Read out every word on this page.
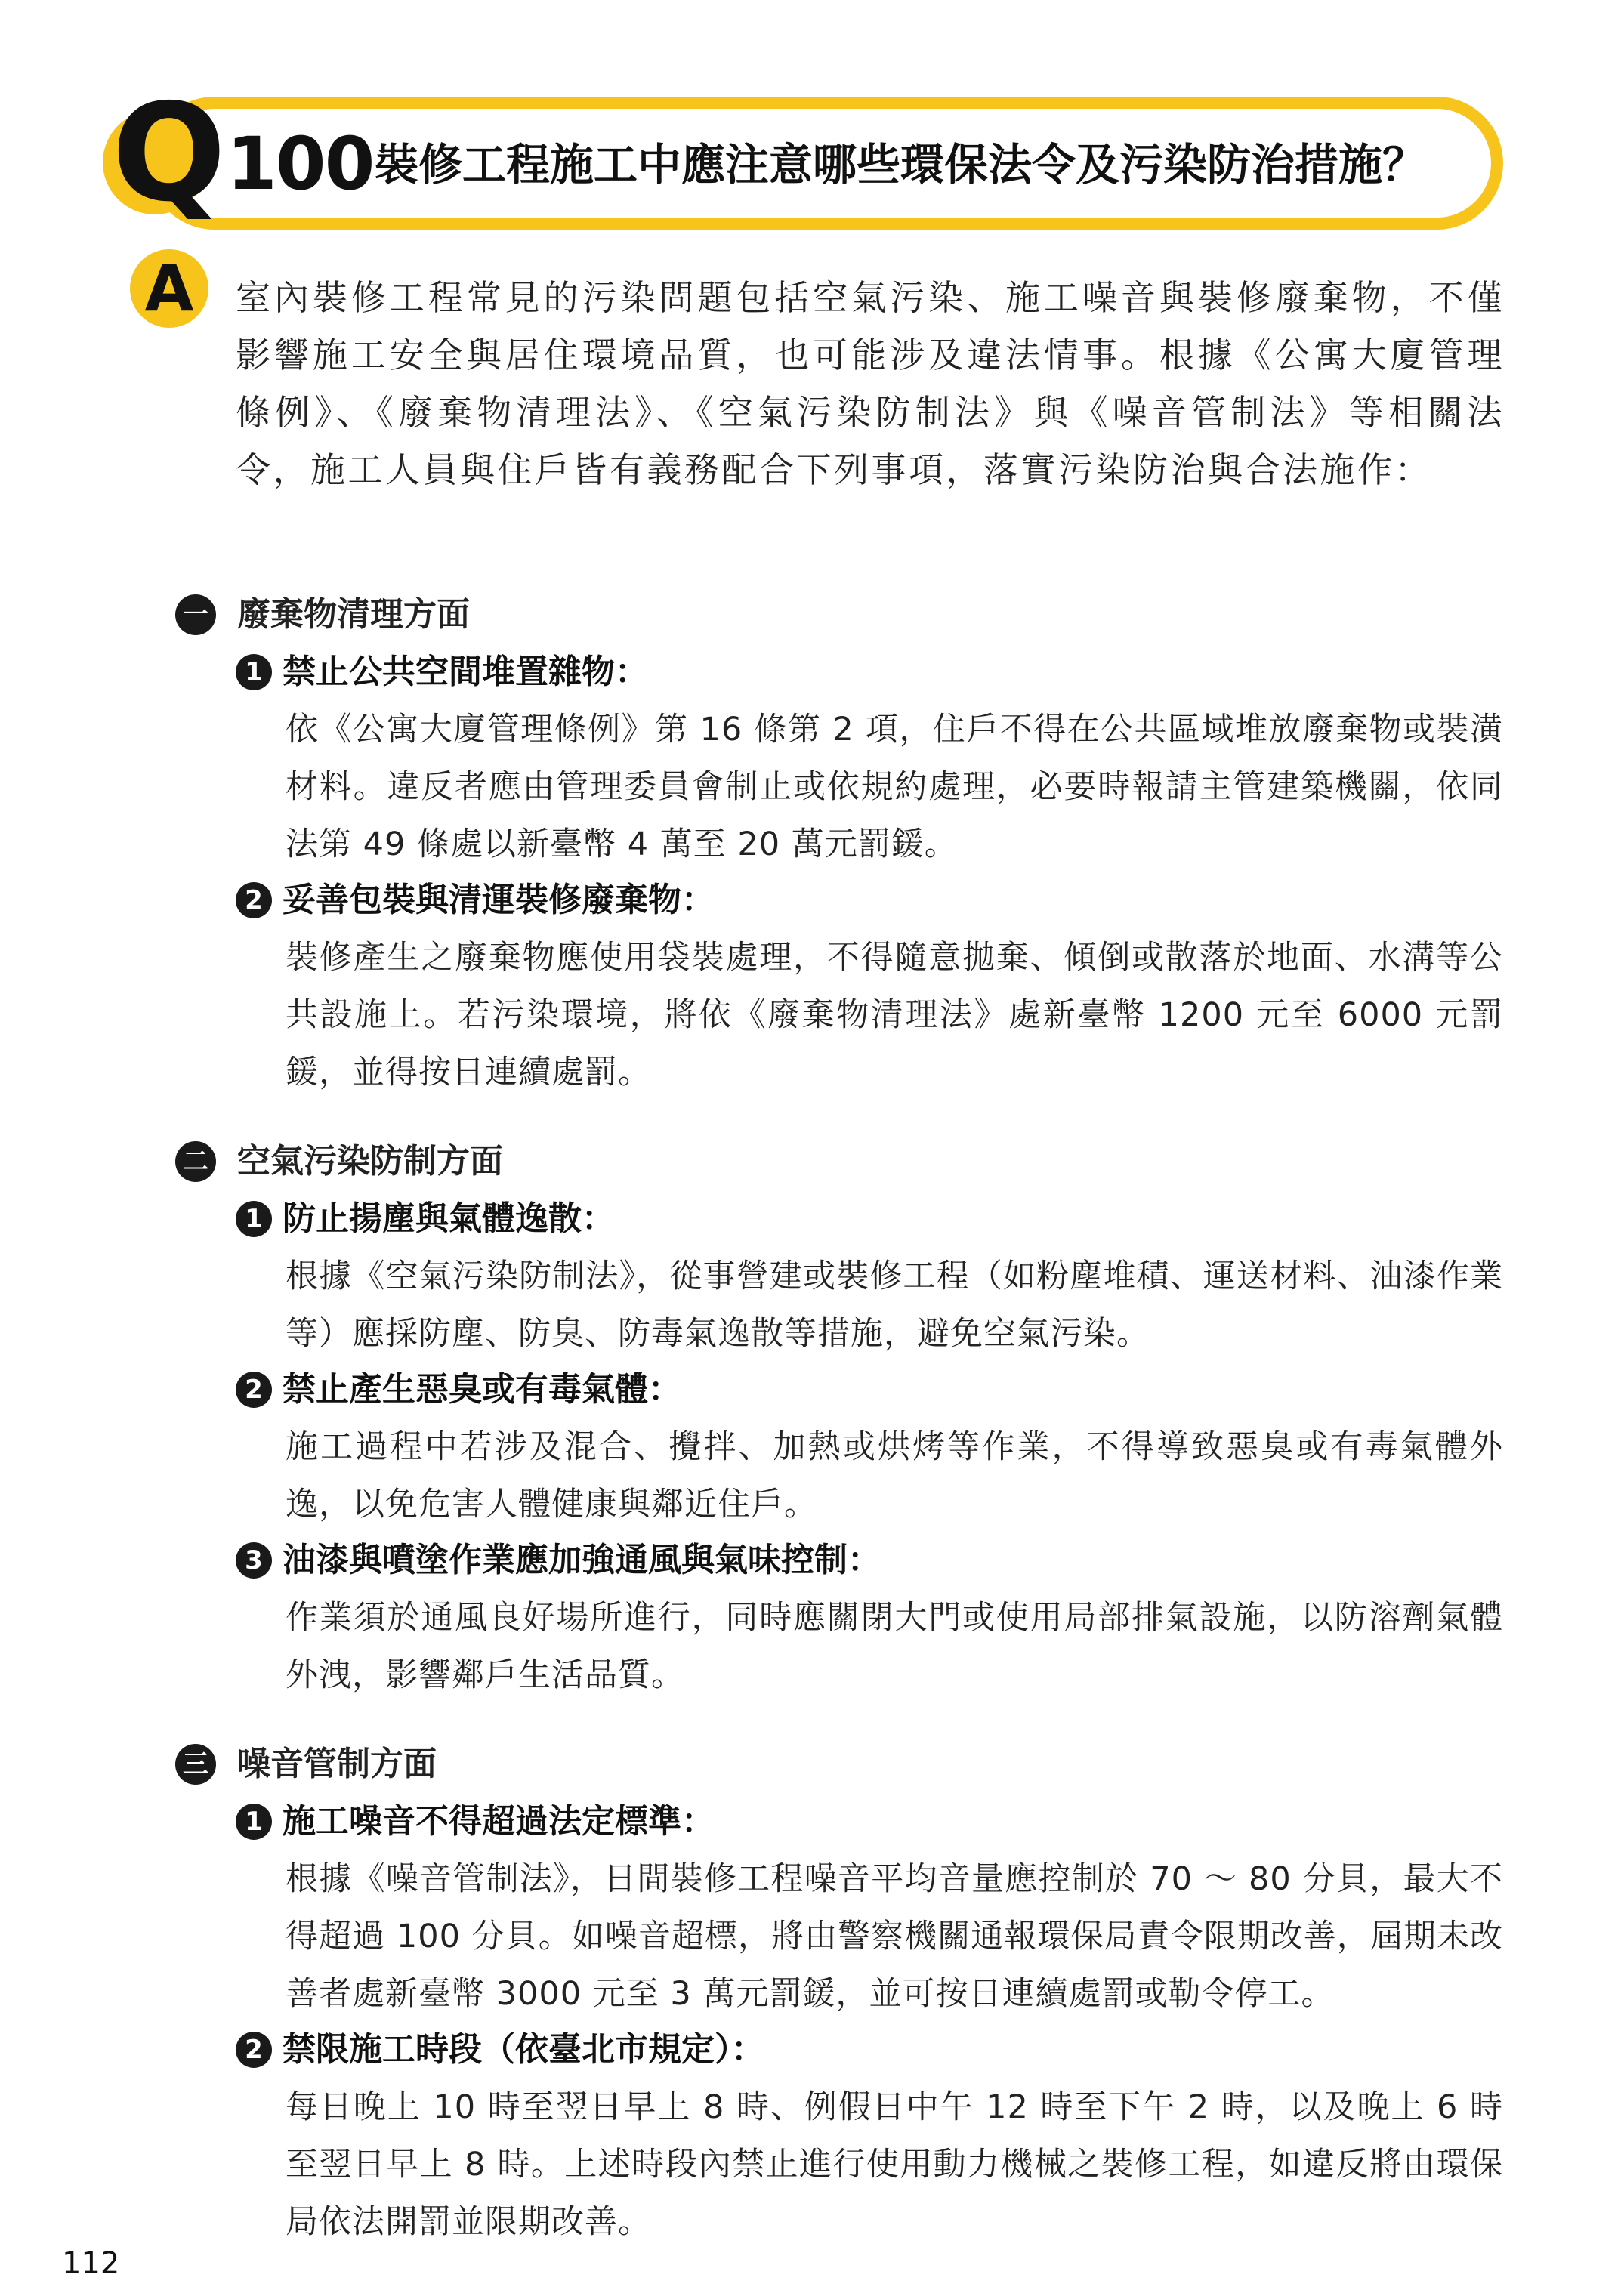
Q 100 裝修工程施工中應注意哪些環保法令及污染防治措施？
A	室內裝修工程常見的污染問題包括空氣污染、施工噪音與裝修廢棄物，不僅影響施工安全與居住環境品質，也可能涉及違法情事。根據《公寓大廈管理條例》、《廢棄物清理法》、《空氣污染防制法》與《噪音管制法》等相關法令，施工人員與住戶皆有義務配合下列事項，落實污染防治與合法施作：
一 廢棄物清理方面
1 禁止公共空間堆置雜物：
依《公寓大廈管理條例》第 16 條第 2 項，住戶不得在公共區域堆放廢棄物或裝潢材料。違反者應由管理委員會制止或依規約處理，必要時報請主管建築機關，依同法第 49 條處以新臺幣 4 萬至 20 萬元罰鍰。
2 妥善包裝與清運裝修廢棄物：
裝修產生之廢棄物應使用袋裝處理，不得隨意拋棄、傾倒或散落於地面、水溝等公共設施上。若污染環境，將依《廢棄物清理法》處新臺幣 1200 元至 6000 元罰鍰，並得按日連續處罰。
二 空氣污染防制方面
1 防止揚塵與氣體逸散：
根據《空氣污染防制法》，從事營建或裝修工程（如粉塵堆積、運送材料、油漆作業等）應採防塵、防臭、防毒氣逸散等措施，避免空氣污染。
2 禁止產生惡臭或有毒氣體：
施工過程中若涉及混合、攪拌、加熱或烘烤等作業，不得導致惡臭或有毒氣體外逸，以免危害人體健康與鄰近住戶。
3 油漆與噴塗作業應加強通風與氣味控制：
作業須於通風良好場所進行，同時應關閉大門或使用局部排氣設施，以防溶劑氣體外洩，影響鄰戶生活品質。
三 噪音管制方面
1 施工噪音不得超過法定標準：
根據《噪音管制法》，日間裝修工程噪音平均音量應控制於 70 ～ 80 分貝，最大不得超過 100 分貝。如噪音超標，將由警察機關通報環保局責令限期改善，屆期未改善者處新臺幣 3000 元至 3 萬元罰鍰，並可按日連續處罰或勒令停工。
2 禁限施工時段（依臺北市規定）：
每日晚上 10 時至翌日早上 8 時、例假日中午 12 時至下午 2 時，以及晚上 6 時至翌日早上 8 時。上述時段內禁止進行使用動力機械之裝修工程，如違反將由環保局依法開罰並限期改善。
112
